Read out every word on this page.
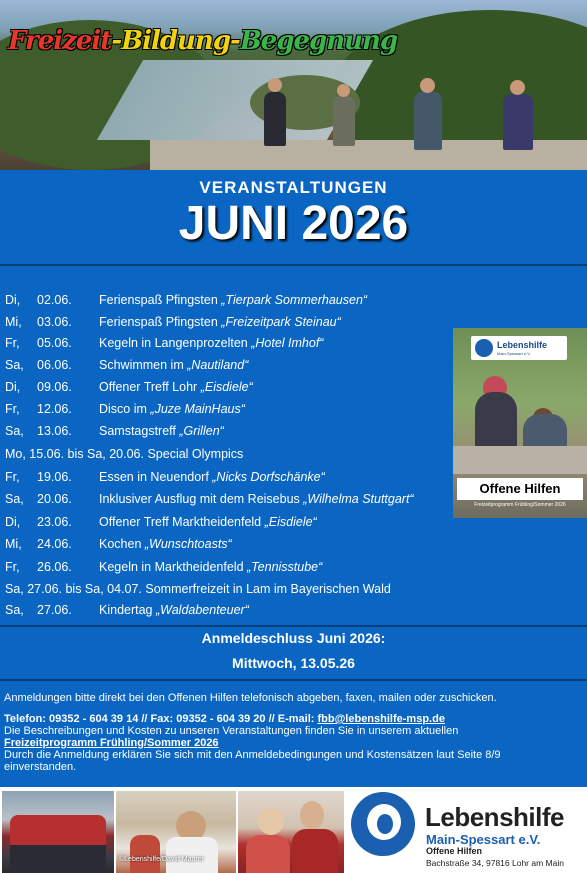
Freizeit-Bildung-Begegnung
VERANSTALTUNGEN
JUNI 2026
Di, 02.06. Ferienspaß Pfingsten „Tierpark Sommerhausen“
Mi, 03.06. Ferienspaß Pfingsten „Freizeitpark Steinau“
Fr, 05.06. Kegeln in Langenprozelten „Hotel Imhof“
Sa, 06.06. Schwimmen im „Nautiland“
Di, 09.06. Offener Treff Lohr „Eisdiele“
Fr, 12.06. Disco im „Juze MainHaus“
Sa, 13.06. Samstagstreff „Grillen“
Mo, 15.06. bis Sa, 20.06. Special Olympics
Fr, 19.06. Essen in Neuendorf „Nicks Dorfschänke“
Sa, 20.06. Inklusiver Ausflug mit dem Reisebus „Wilhelma Stuttgart“
Di, 23.06. Offener Treff Marktheidenfeld „Eisdiele“
Mi, 24.06. Kochen „Wunschtoasts“
Fr, 26.06. Kegeln in Marktheidenfeld „Tennisstube“
Sa, 27.06. bis Sa, 04.07. Sommerfreizeit in Lam im Bayerischen Wald
Sa, 27.06. Kindertag „Waldabenteuer“
Lebenshilfe
Main-Spessart e.V.
Offene Hilfen
Freizeitprogramm Frühling/Sommer 2026
Anmeldeschluss Juni 2026:
Mittwoch, 13.05.26
Anmeldungen bitte direkt bei den Offenen Hilfen telefonisch abgeben, faxen, mailen oder zuschicken.
Telefon: 09352 - 604 39 14 // Fax: 09352 - 604 39 20 // E-mail: fbb@lebenshilfe-msp.de
Die Beschreibungen und Kosten zu unseren Veranstaltungen finden Sie in unserem aktuellen
Freizeitprogramm Frühling/Sommer 2026
Durch die Anmeldung erklären Sie sich mit den Anmeldebedingungen und Kostensätzen laut Seite 8/9
einverstanden.
©Lebenshilfe/David Maurer
Lebenshilfe
Main-Spessart e.V.
Offene Hilfen
Bachstraße 34, 97816 Lohr am Main
